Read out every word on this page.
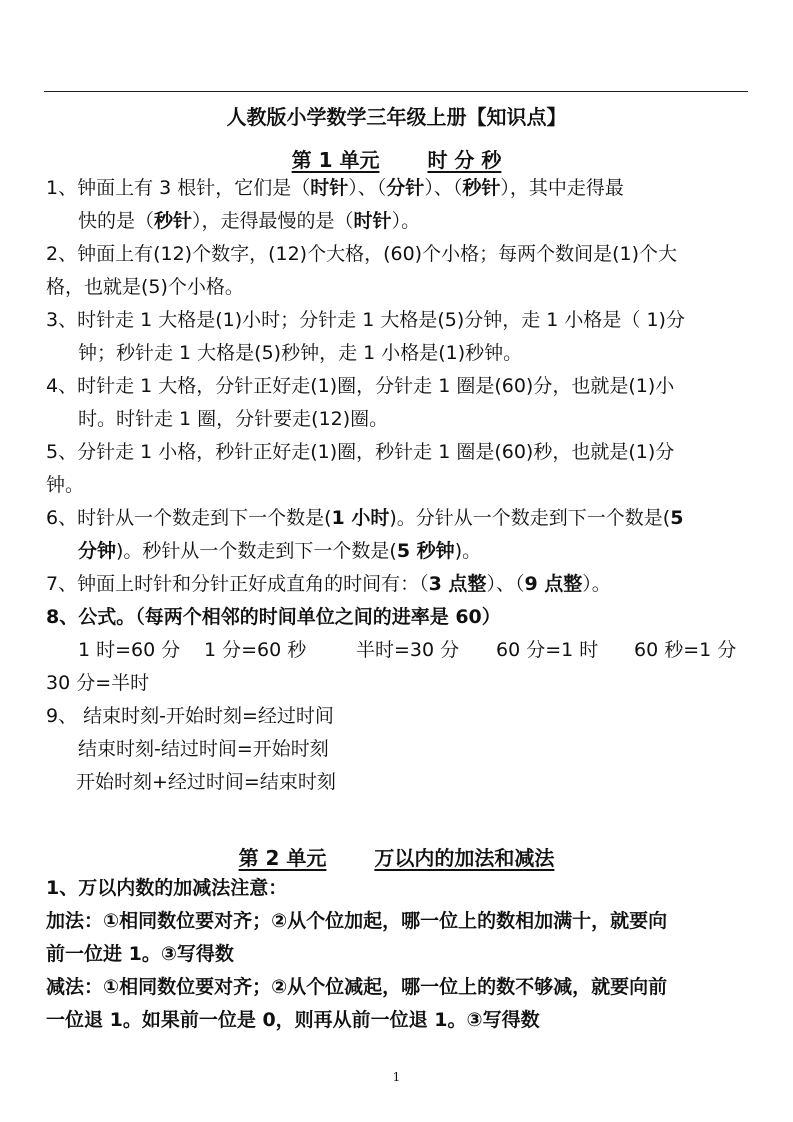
人教版小学数学三年级上册【知识点】
第 1 单元 时 分 秒
1、钟面上有 3 根针，它们是（时针）、（分针）、（秒针），其中走得最
快的是（秒针），走得最慢的是（时针）。
2、钟面上有(12)个数字，(12)个大格，(60)个小格；每两个数间是(1)个大
格，也就是(5)个小格。
3、时针走 1 大格是(1)小时；分针走 1 大格是(5)分钟，走 1 小格是（ 1)分
钟；秒针走 1 大格是(5)秒钟，走 1 小格是(1)秒钟。
4、时针走 1 大格，分针正好走(1)圈，分针走 1 圈是(60)分，也就是(1)小
时。时针走 1 圈，分针要走(12)圈。
5、分针走 1 小格，秒针正好走(1)圈，秒针走 1 圈是(60)秒，也就是(1)分
钟。
6、时针从一个数走到下一个数是(1 小时)。分针从一个数走到下一个数是(5
分钟)。秒针从一个数走到下一个数是(5 秒钟)。
7、钟面上时针和分针正好成直角的时间有：（3 点整）、（9 点整）。
8、公式。（每两个相邻的时间单位之间的进率是 60）
1 时=60 分 1 分=60 秒	半时=30 分 60 分=1 时 60 秒=1 分
30 分=半时
9、 结束时刻-开始时刻=经过时间
结束时刻-结过时间=开始时刻
开始时刻+经过时间=结束时刻
第 2 单元 万以内的加法和减法
1、万以内数的加减法注意：
加法：①相同数位要对齐；②从个位加起，哪一位上的数相加满十，就要向
前一位进 1。③写得数
减法：①相同数位要对齐；②从个位减起，哪一位上的数不够减，就要向前
一位退 1。如果前一位是 0，则再从前一位退 1。③写得数
1
